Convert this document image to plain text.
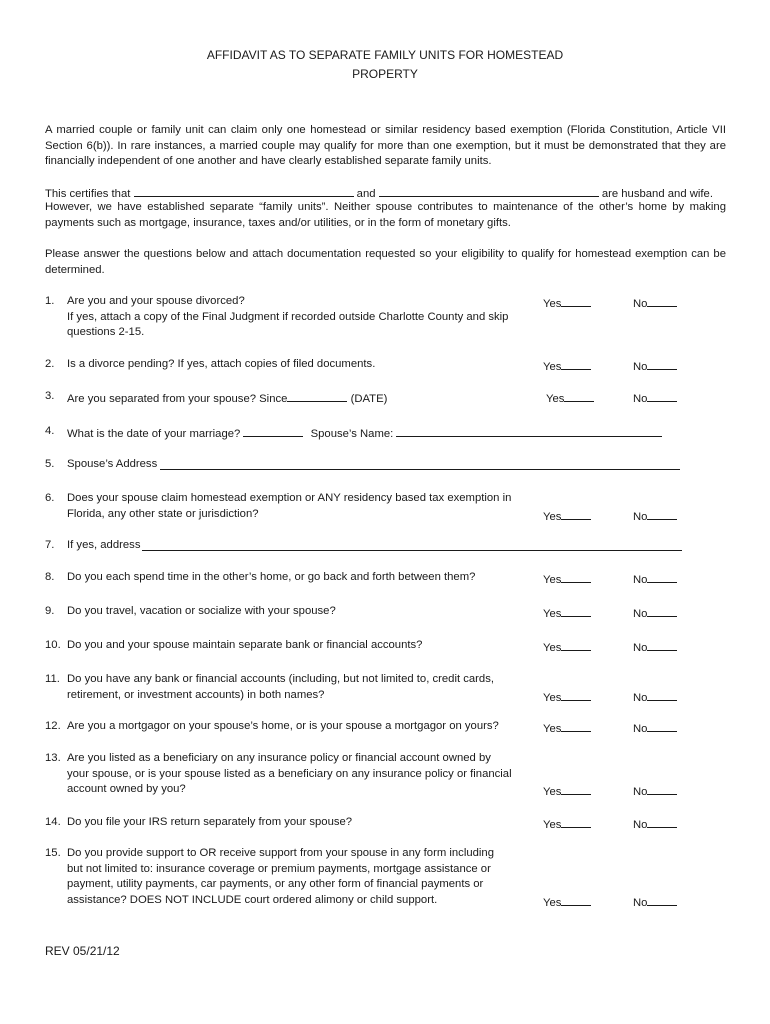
AFFIDAVIT AS TO SEPARATE FAMILY UNITS FOR HOMESTEAD
PROPERTY
A married couple or family unit can claim only one homestead or similar residency based exemption (Florida Constitution, Article VII Section 6(b)). In rare instances, a married couple may qualify for more than one exemption, but it must be demonstrated that they are financially independent of one another and have clearly established separate family units.
This certifies that	and	are husband and wife.
However, we have established separate “family units”. Neither spouse contributes to maintenance of the other’s home by making payments such as mortgage, insurance, taxes and/or utilities, or in the form of monetary gifts.
Please answer the questions below and attach documentation requested so your eligibility to qualify for homestead exemption can be determined.
1. Are you and your spouse divorced?
If yes, attach a copy of the Final Judgment if recorded outside Charlotte County and skip questions 2-15.
Yes	No
2. Is a divorce pending? If yes, attach copies of filed documents.	Yes	No
3. Are you separated from your spouse? Since	(DATE)	Yes	No
4. What is the date of your marriage?	Spouse’s Name:
5. Spouse’s Address
6. Does your spouse claim homestead exemption or ANY residency based tax exemption in Florida, any other state or jurisdiction?	Yes	No
7. If yes, address
8. Do you each spend time in the other’s home, or go back and forth between them?	Yes	No
9. Do you travel, vacation or socialize with your spouse?	Yes	No
10. Do you and your spouse maintain separate bank or financial accounts?	Yes	No
11. Do you have any bank or financial accounts (including, but not limited to, credit cards, retirement, or investment accounts) in both names?	Yes	No
12. Are you a mortgagor on your spouse’s home, or is your spouse a mortgagor on yours?	Yes	No
13. Are you listed as a beneficiary on any insurance policy or financial account owned by your spouse, or is your spouse listed as a beneficiary on any insurance policy or financial account owned by you?	Yes	No
14. Do you file your IRS return separately from your spouse?	Yes	No
15. Do you provide support to OR receive support from your spouse in any form including but not limited to: insurance coverage or premium payments, mortgage assistance or payment, utility payments, car payments, or any other form of financial payments or assistance? DOES NOT INCLUDE court ordered alimony or child support.	Yes	No
REV 05/21/12
